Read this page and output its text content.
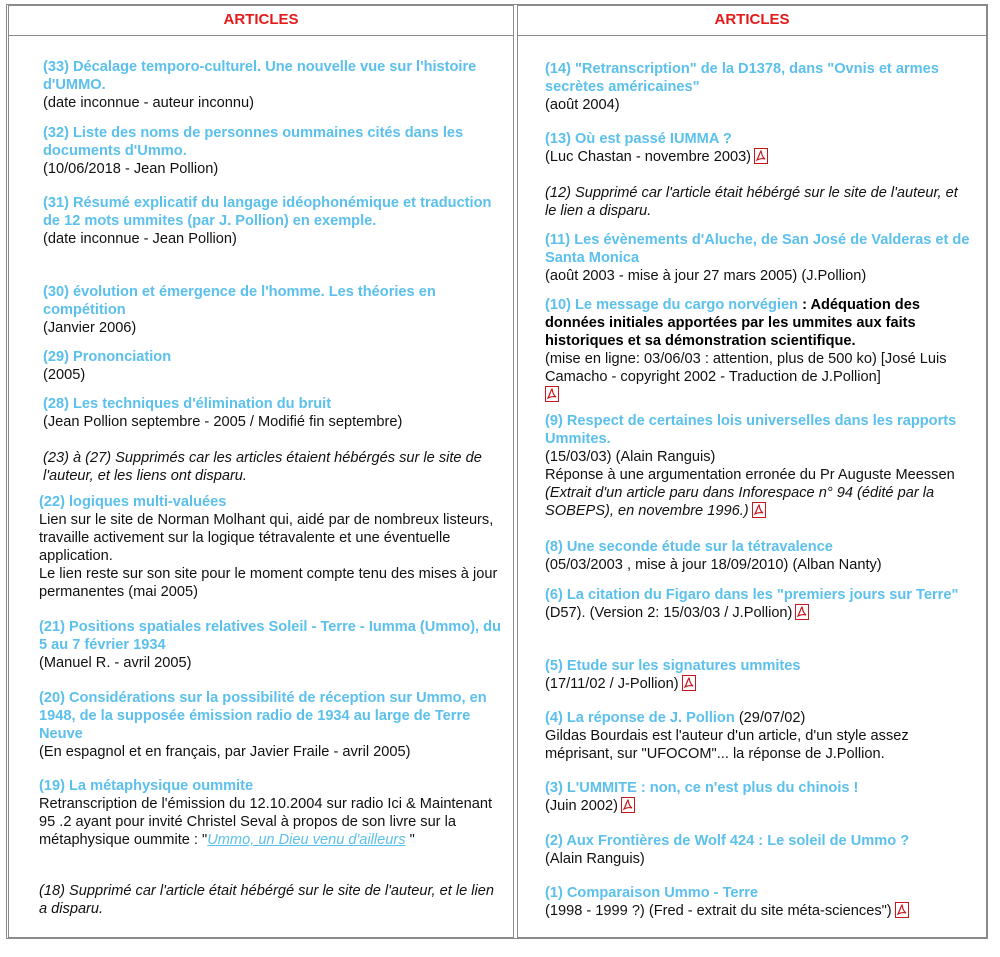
ARTICLES
(33) Décalage temporo-culturel. Une nouvelle vue sur l'histoire d'UMMO.
(date inconnue - auteur inconnu)
(32) Liste des noms de personnes oummaines cités dans les documents d'Ummo.
(10/06/2018 - Jean Pollion)
(31) Résumé explicatif du langage idéophonémique et traduction de 12 mots ummites (par J. Pollion) en exemple.
(date inconnue - Jean Pollion)
(30) évolution et émergence de l'homme. Les théories en compétition
(Janvier 2006)
(29) Prononciation
(2005)
(28) Les techniques d'élimination du bruit
(Jean Pollion septembre - 2005 / Modifié fin septembre)
(23) à (27) Supprimés car les articles étaient hébérgés sur le site de l'auteur, et les liens ont disparu.
(22) logiques multi-valuées
Lien sur le site de Norman Molhant qui, aidé par de nombreux listeurs, travaille activement sur la logique tétravalente et une éventuelle application.
Le lien reste sur son site pour le moment compte tenu des mises à jour permanentes (mai 2005)
(21) Positions spatiales relatives Soleil - Terre - Iumma (Ummo), du 5 au 7 février 1934
(Manuel R. - avril 2005)
(20) Considérations sur la possibilité de réception sur Ummo, en 1948, de la supposée émission radio de 1934 au large de Terre Neuve
(En espagnol et en français, par Javier Fraile - avril 2005)
(19) La métaphysique oummite
Retranscription de l'émission du 12.10.2004 sur radio Ici & Maintenant 95 .2 ayant pour invité Christel Seval à propos de son livre sur la métaphysique oummite : "Ummo, un Dieu venu d'ailleurs "
(18) Supprimé car l'article était hébérgé sur le site de l'auteur, et le lien a disparu.
ARTICLES
(14) "Retranscription" de la D1378, dans "Ovnis et armes secrètes américaines"
(août 2004)
(13) Où est passé IUMMA ?
(Luc Chastan - novembre 2003)
(12) Supprimé car l'article était hébérgé sur le site de l'auteur, et le lien a disparu.
(11) Les évènements d'Aluche, de San José de Valderas et de Santa Monica
(août 2003 - mise à jour 27 mars 2005) (J.Pollion)
(10) Le message du cargo norvégien : Adéquation des données initiales apportées par les ummites aux faits historiques et sa démonstration scientifique.
(mise en ligne: 03/06/03 : attention, plus de 500 ko) [José Luis Camacho - copyright 2002 - Traduction de J.Pollion]

(9) Respect de certaines lois universelles dans les rapports Ummites.
(15/03/03) (Alain Ranguis)
Réponse à une argumentation erronée du Pr Auguste Meessen (Extrait d'un article paru dans Inforespace n° 94 (édité par la SOBEPS), en novembre 1996.)
(8) Une seconde étude sur la tétravalence
(05/03/2003 , mise à jour 18/09/2010) (Alban Nanty)
(6) La citation du Figaro dans les "premiers jours sur Terre"
(D57). (Version 2: 15/03/03 / J.Pollion)
(5) Etude sur les signatures ummites
(17/11/02 / J-Pollion)
(4) La réponse de J. Pollion (29/07/02)
Gildas Bourdais est l'auteur d'un article, d'un style assez méprisant, sur "UFOCOM"... la réponse de J.Pollion.
(3) L'UMMITE : non, ce n'est plus du chinois !
(Juin 2002)
(2) Aux Frontières de Wolf 424 : Le soleil de Ummo ?
(Alain Ranguis)
(1) Comparaison Ummo - Terre
(1998 - 1999 ?) (Fred - extrait du site méta-sciences")
